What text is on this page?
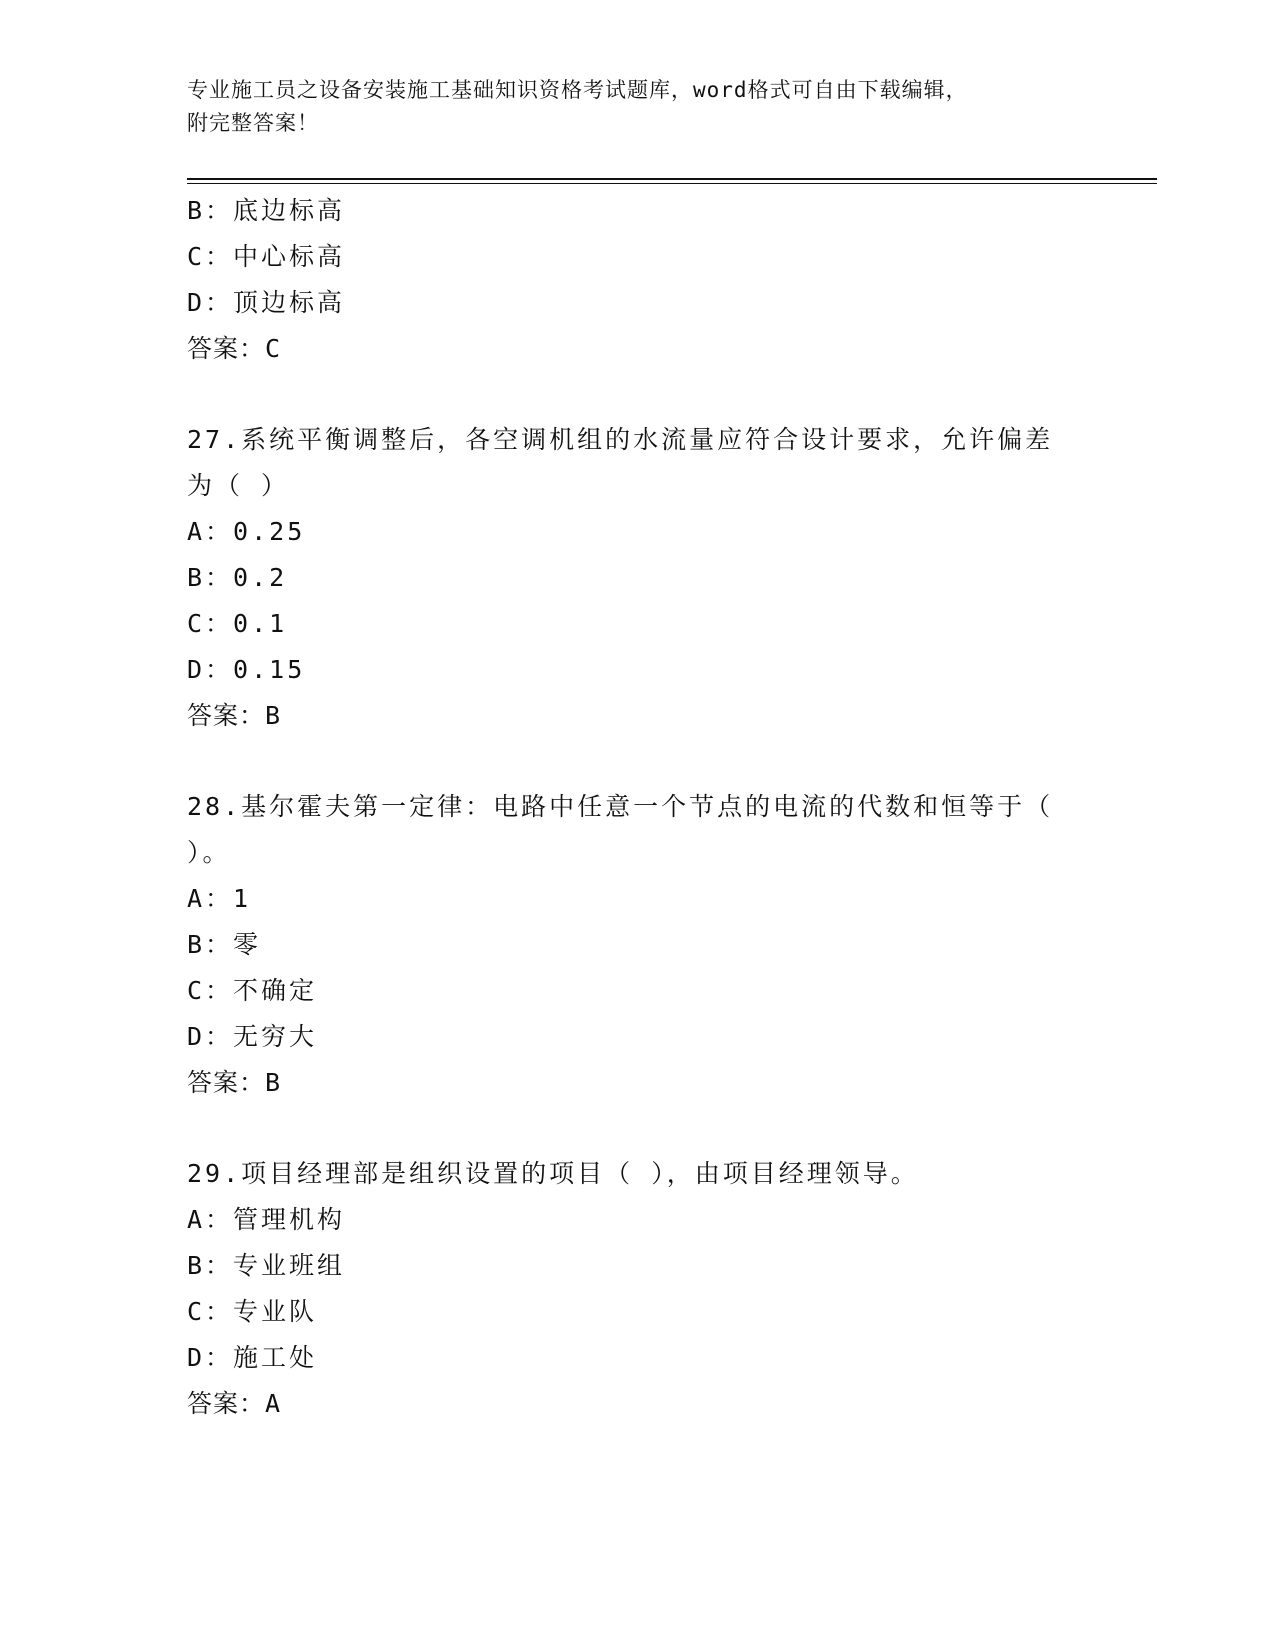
专业施工员之设备安装施工基础知识资格考试题库，word格式可自由下载编辑，
附完整答案！
B：底边标高
C：中心标高
D：顶边标高
答案：C
27.系统平衡调整后，各空调机组的水流量应符合设计要求，允许偏差
为（ ）
A：0.25
B：0.2
C：0.1
D：0.15
答案：B
28.基尔霍夫第一定律：电路中任意一个节点的电流的代数和恒等于（
）。
A：1
B：零
C：不确定
D：无穷大
答案：B
29.项目经理部是组织设置的项目（ ），由项目经理领导。
A：管理机构
B：专业班组
C：专业队
D：施工处
答案：A
